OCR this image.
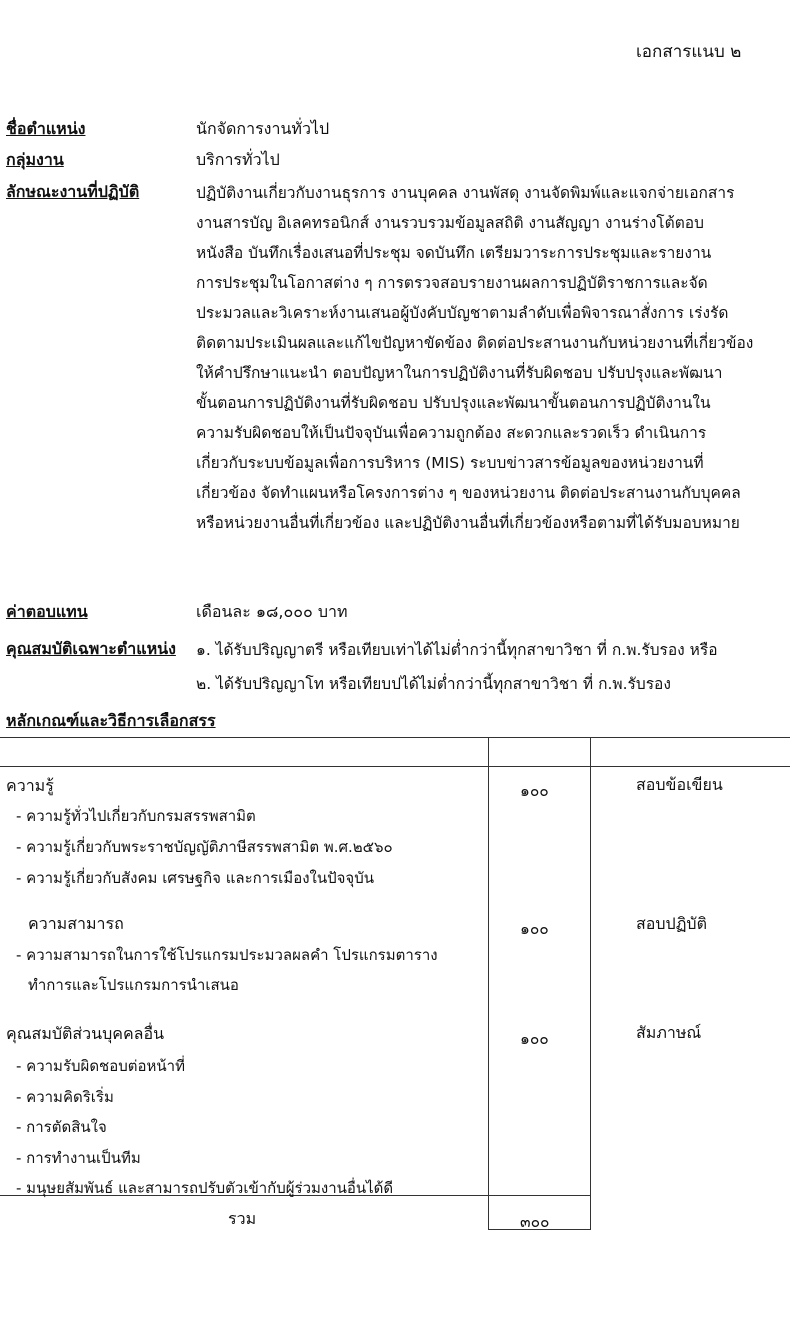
เอกสารแนบ ๒
ชื่อตำแหน่ง	นักจัดการงานทั่วไป
กลุ่มงาน	บริการทั่วไป
ลักษณะงานที่ปฏิบัติ	ปฏิบัติงานเกี่ยวกับงานธุรการ งานบุคคล งานพัสดุ งานจัดพิมพ์และแจกจ่ายเอกสาร
งานสารบัญ อิเลคทรอนิกส์ งานรวบรวมข้อมูลสถิติ งานสัญญา งานร่างโต้ตอบ
หนังสือ บันทึกเรื่องเสนอที่ประชุม จดบันทึก เตรียมวาระการประชุมและรายงาน
การประชุมในโอกาสต่าง ๆ การตรวจสอบรายงานผลการปฏิบัติราชการและจัด
ประมวลและวิเคราะห์งานเสนอผู้บังคับบัญชาตามลำดับเพื่อพิจารณาสั่งการ เร่งรัด
ติดตามประเมินผลและแก้ไขปัญหาขัดข้อง ติดต่อประสานงานกับหน่วยงานที่เกี่ยวข้อง
ให้คำปรึกษาแนะนำ ตอบปัญหาในการปฏิบัติงานที่รับผิดชอบ ปรับปรุงและพัฒนา
ขั้นตอนการปฏิบัติงานที่รับผิดชอบ ปรับปรุงและพัฒนาขั้นตอนการปฏิบัติงานใน
ความรับผิดชอบให้เป็นปัจจุบันเพื่อความถูกต้อง สะดวกและรวดเร็ว ดำเนินการ
เกี่ยวกับระบบข้อมูลเพื่อการบริหาร (MIS) ระบบข่าวสารข้อมูลของหน่วยงานที่
เกี่ยวข้อง จัดทำแผนหรือโครงการต่าง ๆ ของหน่วยงาน ติดต่อประสานงานกับบุคคล
หรือหน่วยงานอื่นที่เกี่ยวข้อง และปฏิบัติงานอื่นที่เกี่ยวข้องหรือตามที่ได้รับมอบหมาย
ค่าตอบแทน	เดือนละ ๑๘,๐๐๐ บาท
คุณสมบัติเฉพาะตำแหน่ง ๑. ได้รับปริญญาตรี หรือเทียบเท่าได้ไม่ต่ำกว่านี้ทุกสาขาวิชา ที่ ก.พ.รับรอง หรือ
๒. ได้รับปริญญาโท หรือเทียบปได้ไม่ต่ำกว่านี้ทุกสาขาวิชา ที่ ก.พ.รับรอง
หลักเกณฑ์และวิธีการเลือกสรร
ความรู้
- ความรู้ทั่วไปเกี่ยวกับกรมสรรพสามิต
- ความรู้เกี่ยวกับพระราชบัญญัติภาษีสรรพสามิต พ.ศ.๒๕๖๐
- ความรู้เกี่ยวกับสังคม เศรษฐกิจ และการเมืองในปัจจุบัน
๑๐๐	สอบข้อเขียน
ความสามารถ
- ความสามารถในการใช้โปรแกรมประมวลผลคำ โปรแกรมตาราง
ทำการและโปรแกรมการนำเสนอ
๑๐๐	สอบปฏิบัติ
คุณสมบัติส่วนบุคคลอื่น
- ความรับผิดชอบต่อหน้าที่
- ความคิดริเริ่ม
- การตัดสินใจ
- การทำงานเป็นทีม
- มนุษยสัมพันธ์ และสามารถปรับตัวเข้ากับผู้ร่วมงานอื่นได้ดี
๑๐๐	สัมภาษณ์
รวม	๓๐๐
